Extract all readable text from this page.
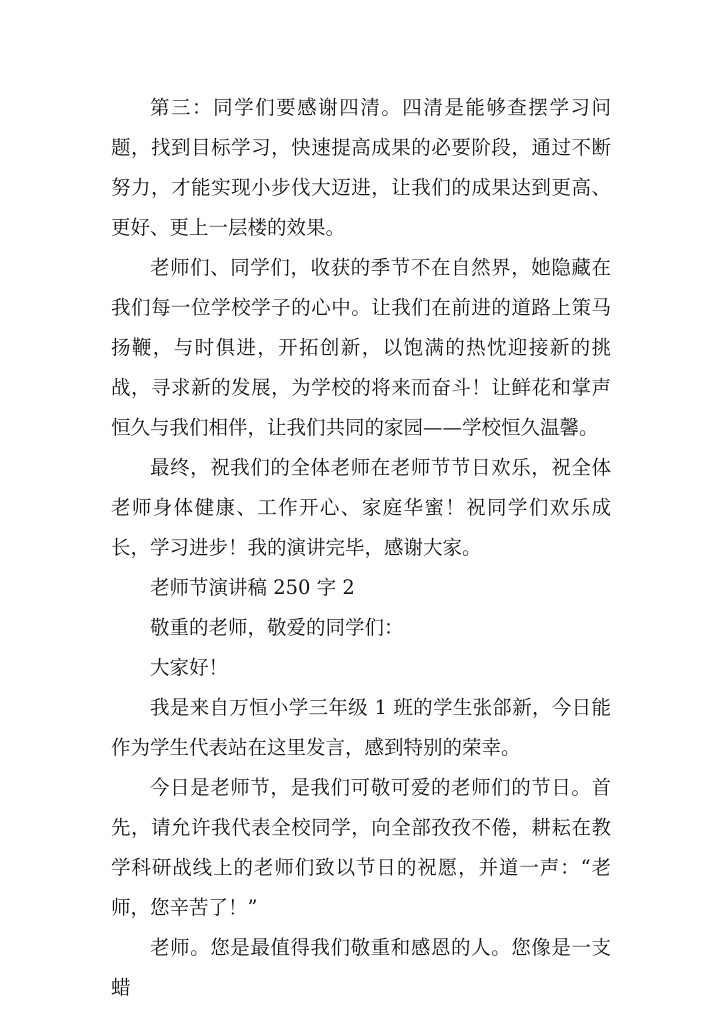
第三：同学们要感谢四清。四清是能够查摆学习问题，找到目标学习，快速提高成果的必要阶段，通过不断努力，才能实现小步伐大迈进，让我们的成果达到更高、更好、更上一层楼的效果。

老师们、同学们，收获的季节不在自然界，她隐藏在我们每一位学校学子的心中。让我们在前进的道路上策马扬鞭，与时俱进，开拓创新，以饱满的热忱迎接新的挑战，寻求新的发展，为学校的将来而奋斗！让鲜花和掌声恒久与我们相伴，让我们共同的家园——学校恒久温馨。

最终，祝我们的全体老师在老师节节日欢乐，祝全体老师身体健康、工作开心、家庭华蜜！祝同学们欢乐成长，学习进步！我的演讲完毕，感谢大家。

老师节演讲稿 250 字 2

敬重的老师，敬爱的同学们：

大家好！

我是来自万恒小学三年级 1 班的学生张郃新，今日能作为学生代表站在这里发言，感到特别的荣幸。

今日是老师节，是我们可敬可爱的老师们的节日。首先，请允许我代表全校同学，向全部孜孜不倦，耕耘在教学科研战线上的老师们致以节日的祝愿，并道一声：“老师，您辛苦了！”

老师。您是最值得我们敬重和感恩的人。您像是一支蜡
